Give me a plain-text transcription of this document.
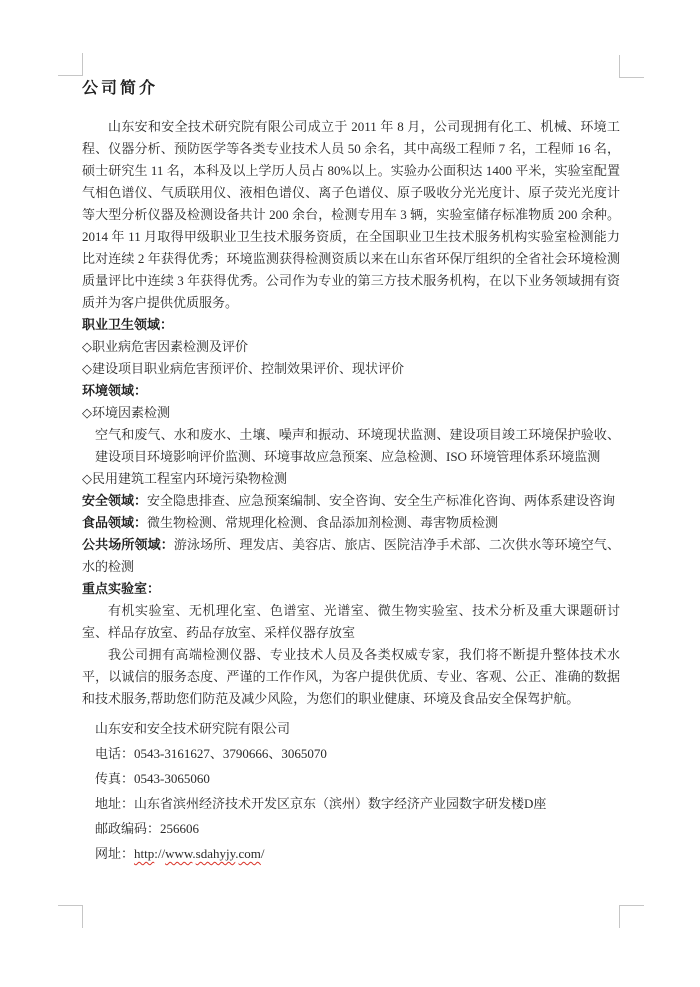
公司简介

山东安和安全技术研究院有限公司成立于 2011 年 8 月，公司现拥有化工、机械、环境工程、仪器分析、预防医学等各类专业技术人员 50 余名，其中高级工程师 7 名，工程师 16 名，硕士研究生 11 名，本科及以上学历人员占 80%以上。实验办公面积达 1400 平米，实验室配置气相色谱仪、气质联用仪、液相色谱仪、离子色谱仪、原子吸收分光光度计、原子荧光光度计等大型分析仪器及检测设备共计 200 余台，检测专用车 3 辆，实验室储存标准物质 200 余种。2014 年 11 月取得甲级职业卫生技术服务资质，在全国职业卫生技术服务机构实验室检测能力比对连续 2 年获得优秀；环境监测获得检测资质以来在山东省环保厅组织的全省社会环境检测质量评比中连续 3 年获得优秀。公司作为专业的第三方技术服务机构，在以下业务领域拥有资质并为客户提供优质服务。

职业卫生领域：

◇职业病危害因素检测及评价

◇建设项目职业病危害预评价、控制效果评价、现状评价

环境领域：

◇环境因素检测

空气和废气、水和废水、土壤、噪声和振动、环境现状监测、建设项目竣工环境保护验收、建设项目环境影响评价监测、环境事故应急预案、应急检测、ISO 环境管理体系环境监测

◇民用建筑工程室内环境污染物检测

安全领域：安全隐患排查、应急预案编制、安全咨询、安全生产标准化咨询、两体系建设咨询

食品领域：微生物检测、常规理化检测、食品添加剂检测、毒害物质检测

公共场所领域：游泳场所、理发店、美容店、旅店、医院洁净手术部、二次供水等环境空气、水的检测

重点实验室：

有机实验室、无机理化室、色谱室、光谱室、微生物实验室、技术分析及重大课题研讨室、样品存放室、药品存放室、采样仪器存放室

我公司拥有高端检测仪器、专业技术人员及各类权威专家，我们将不断提升整体技术水平，以诚信的服务态度、严谨的工作作风，为客户提供优质、专业、客观、公正、准确的数据和技术服务,帮助您们防范及减少风险，为您们的职业健康、环境及食品安全保驾护航。

山东安和安全技术研究院有限公司

电话：0543-3161627、3790666、3065070

传真：0543-3065060

地址：山东省滨州经济技术开发区京东（滨州）数字经济产业园数字研发楼D座

邮政编码：256606

网址：http://www.sdahyjy.com/
